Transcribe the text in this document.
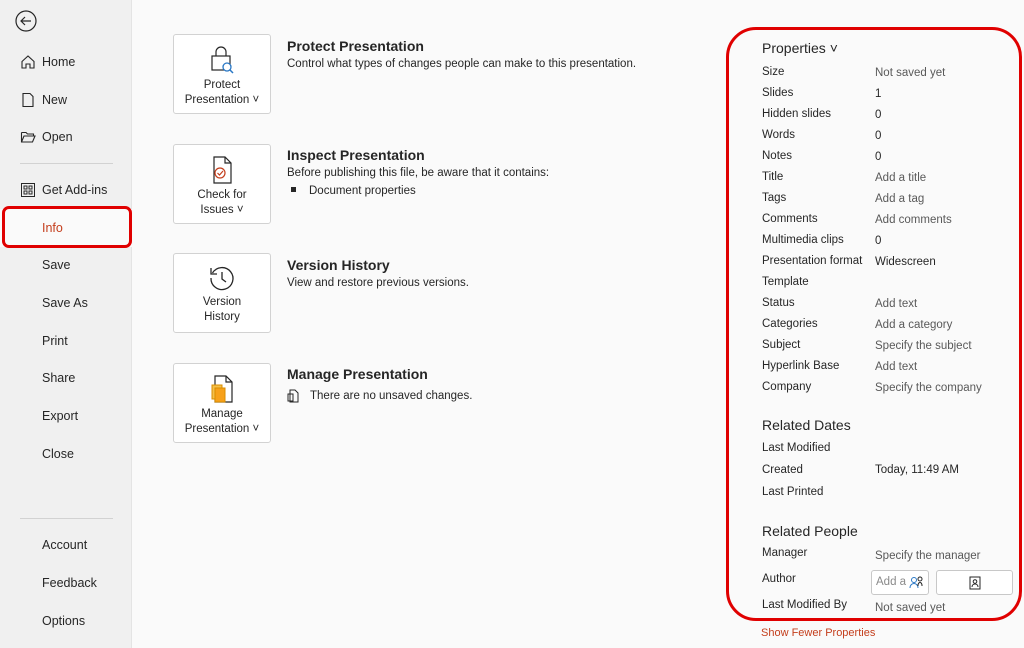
Home
New
Open
Get Add-ins
Info
Save
Save As
Print
Share
Export
Close
Account
Feedback
Options
Protect
Presentation ˅
Protect Presentation
Control what types of changes people can make to this presentation.
Check for
Issues ˅
Inspect Presentation
Before publishing this file, be aware that it contains:
Document properties
Version
History
Version History
View and restore previous versions.
Manage
Presentation ˅
Manage Presentation
There are no unsaved changes.
Properties ˅
Size	Not saved yet
Slides	1
Hidden slides	0
Words	0
Notes	0
Title	Add a title
Tags	Add a tag
Comments	Add comments
Multimedia clips	0
Presentation format Widescreen
Template
Status	Add text
Categories	Add a category
Subject	Specify the subject
Hyperlink Base	Add text
Company	Specify the company
Related Dates
Last Modified
Created	Today, 11:49 AM
Last Printed
Related People
Manager	Specify the manager
Author	Add a
Last Modified By Not saved yet
Show Fewer Properties
